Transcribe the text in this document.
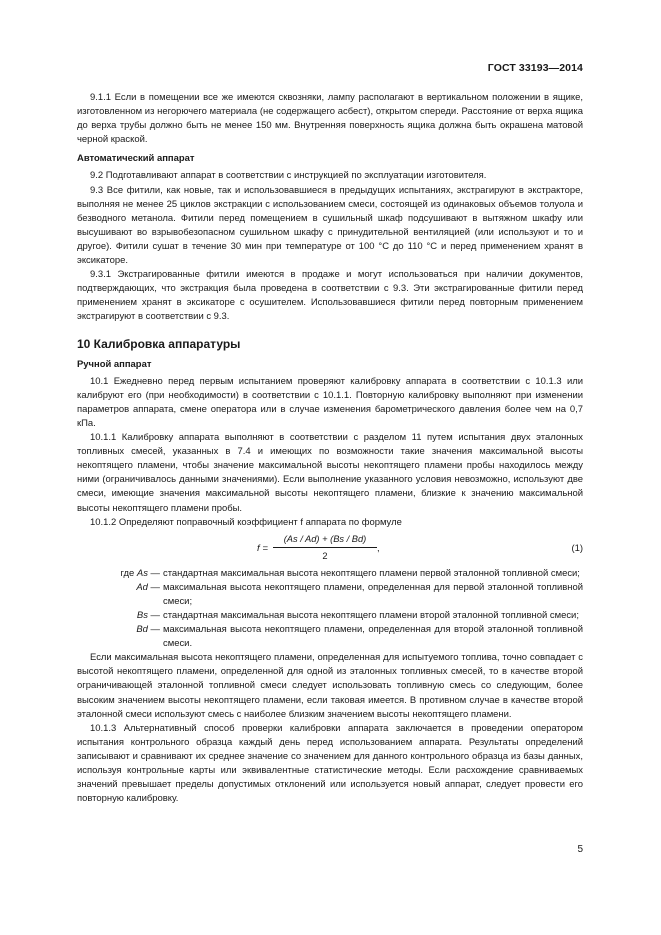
ГОСТ 33193—2014

9.1.1 Если в помещении все же имеются сквозняки, лампу располагают в вертикальном положении в ящике, изготовленном из негорючего материала (не содержащего асбест), открытом спереди. Расстояние от верха ящика до верха трубы должно быть не менее 150 мм. Внутренняя поверхность ящика должна быть окрашена матовой черной краской.

Автоматический аппарат

9.2 Подготавливают аппарат в соответствии с инструкцией по эксплуатации изготовителя.

9.3 Все фитили, как новые, так и использовавшиеся в предыдущих испытаниях, экстрагируют в экстракторе, выполняя не менее 25 циклов экстракции с использованием смеси, состоящей из одинаковых объемов толуола и безводного метанола. Фитили перед помещением в сушильный шкаф подсушивают в вытяжном шкафу или высушивают во взрывобезопасном сушильном шкафу с принудительной вентиляцией (или используют и то и другое). Фитили сушат в течение 30 мин при температуре от 100 °C до 110 °C и перед применением хранят в эксикаторе.

9.3.1 Экстрагированные фитили имеются в продаже и могут использоваться при наличии документов, подтверждающих, что экстракция была проведена в соответствии с 9.3. Эти экстрагированные фитили перед применением хранят в эксикаторе с осушителем. Использовавшиеся фитили перед повторным применением экстрагируют в соответствии с 9.3.

10 Калибровка аппаратуры

Ручной аппарат

10.1 Ежедневно перед первым испытанием проверяют калибровку аппарата в соответствии с 10.1.3 или калибруют его (при необходимости) в соответствии с 10.1.1. Повторную калибровку выполняют при изменении параметров аппарата, смене оператора или в случае изменения барометрического давления более чем на 0,7 кПа.

10.1.1 Калибровку аппарата выполняют в соответствии с разделом 11 путем испытания двух эталонных топливных смесей, указанных в 7.4 и имеющих по возможности такие значения максимальной высоты некоптящего пламени, чтобы значение максимальной высоты некоптящего пламени пробы находилось между ними (ограничивалось данными значениями). Если выполнение указанного условия невозможно, используют две смеси, имеющие значения максимальной высоты некоптящего пламени, близкие к значению максимальной высоты некоптящего пламени пробы.

10.1.2 Определяют поправочный коэффициент f аппарата по формуле

$f = \frac{(As / Ad) + (Bs / Bd)}{2}$ ,	(1)
где As — стандартная максимальная высота некоптящего пламени первой эталонной топливной смеси;
Ad — максимальная высота некоптящего пламени, определенная для первой эталонной топливной смеси;
Bs — стандартная максимальная высота некоптящего пламени второй эталонной топливной смеси;
Bd — максимальная высота некоптящего пламени, определенная для второй эталонной топливной смеси.

Если максимальная высота некоптящего пламени, определенная для испытуемого топлива, точно совпадает с высотой некоптящего пламени, определенной для одной из эталонных топливных смесей, то в качестве второй ограничивающей эталонной топливной смеси следует использовать топливную смесь со следующим, более высоким значением высоты некоптящего пламени, если таковая имеется. В противном случае в качестве второй эталонной смеси используют смесь с наиболее близким значением высоты некоптящего пламени.

10.1.3 Альтернативный способ проверки калибровки аппарата заключается в проведении оператором испытания контрольного образца каждый день перед использованием аппарата. Результаты определений записывают и сравнивают их среднее значение со значением для данного контрольного образца из базы данных, используя контрольные карты или эквивалентные статистические методы. Если расхождение сравниваемых значений превышает пределы допустимых отклонений или используется новый аппарат, следует провести его повторную калибровку.

5
